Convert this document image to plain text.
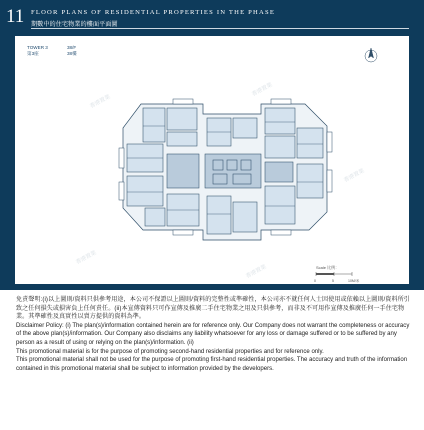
11 FLOOR PLANS OF RESIDENTIAL PROPERTIES IN THE PHASE
期數中的住宅物業的樓面平面圖
TOWER 3
第3座
38/F
38樓
0	5	10M/米
香港置業
香港置業
香港置業
香港置業
香港置業	Scale 比例：
38

免責聲明:(i)以上圖則/資料只供參考用途，本公司不保證以上圖則/資料的完整性或準確性，本公司亦不就任何人士因使用或依賴以上圖則/資料所引致之任何損失或損害負上任何責任。(ii)本宣傳資料只可作宣傳及推廣二手住宅物業之用及只供參考，而非及不可用作宣傳及推廣任何一手住宅物業。其準確性及真實性以賣方提供的資料為準。

Disclaimer Policy: (i) The plan(s)/information contained herein are for reference only. Our Company does not warrant the completeness or accuracy of the above plan(s)/information. Our Company also disclaims any liability whatsoever for any loss or damage suffered or to be suffered by any person as a result of using or relying on the plan(s)/information. (ii)

This promotional material is for the purpose of promoting second-hand residential properties and for reference only.

This promotional material shall not be used for the purpose of promoting first-hand residential properties. The accuracy and truth of the information contained in this promotional material shall be subject to information provided by the developers.
